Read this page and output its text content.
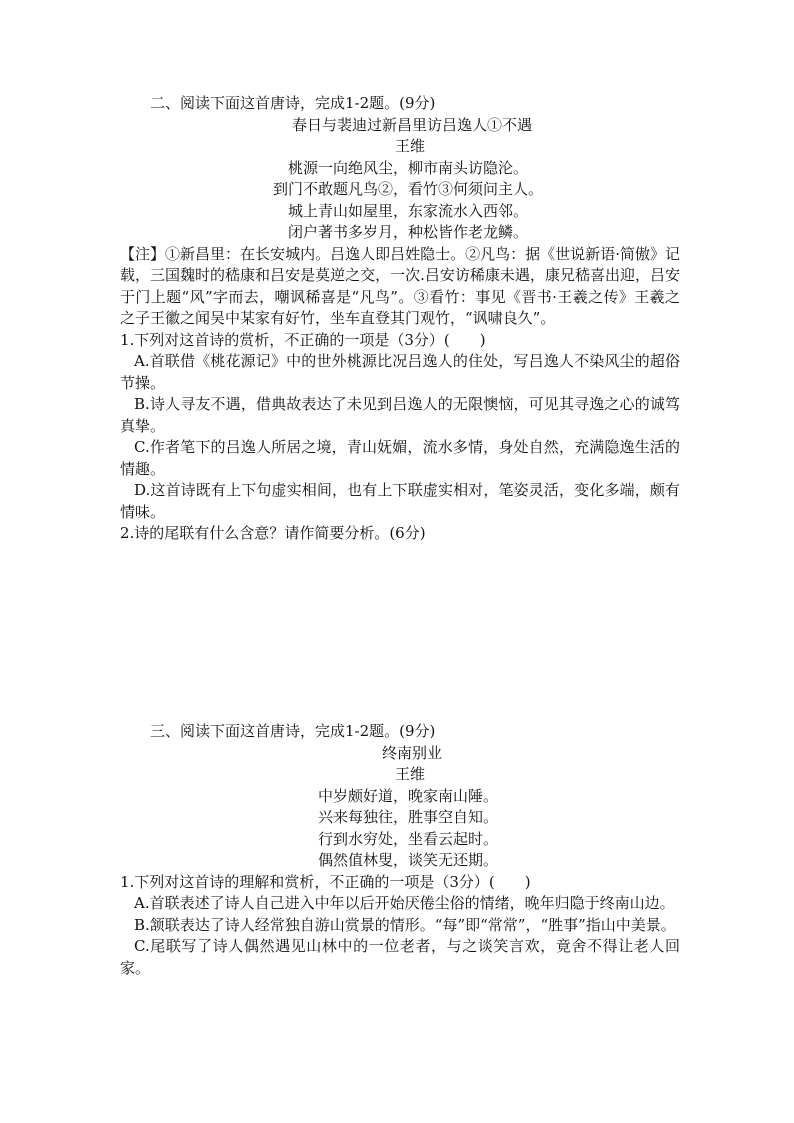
二、阅读下面这首唐诗，完成1-2题。(9分)
春日与裴迪过新昌里访吕逸人①不遇
王维
桃源一向绝风尘，柳市南头访隐沦。
到门不敢题凡鸟②，看竹③何须问主人。
城上青山如屋里，东家流水入西邻。
闭户著书多岁月，种松皆作老龙鳞。
【注】①新昌里：在长安城内。吕逸人即吕姓隐士。②凡鸟：据《世说新语·简傲》记载，三国魏时的嵇康和吕安是莫逆之交，一次.吕安访稀康未遇，康兄嵇喜出迎，吕安于门上题“风”字而去，嘲讽稀喜是“凡鸟”。③看竹：事见《晋书·王羲之传》王羲之之子王徽之闻吴中某家有好竹，坐车直登其门观竹，“讽啸良久”。
1.下列对这首诗的赏析，不正确的一项是（3分）(　　)
A.首联借《桃花源记》中的世外桃源比况吕逸人的住处，写吕逸人不染风尘的超俗节操。
B.诗人寻友不遇，借典故表达了未见到吕逸人的无限懊恼，可见其寻逸之心的诚笃真挚。
C.作者笔下的吕逸人所居之境，青山妩媚，流水多情，身处自然，充满隐逸生活的情趣。
D.这首诗既有上下句虚实相间，也有上下联虚实相对，笔姿灵活，变化多端，颇有情味。
2.诗的尾联有什么含意？请作简要分析。(6分)
三、阅读下面这首唐诗，完成1-2题。(9分)
终南别业
王维
中岁颇好道，晚家南山陲。
兴来每独往，胜事空自知。
行到水穷处，坐看云起时。
偶然值林叟，谈笑无还期。
1.下列对这首诗的理解和赏析，不正确的一项是（3分）(　　)
A.首联表述了诗人自己进入中年以后开始厌倦尘俗的情绪，晚年归隐于终南山边。
B.颔联表达了诗人经常独自游山赏景的情形。“每”即“常常”，“胜事”指山中美景。
C.尾联写了诗人偶然遇见山林中的一位老者，与之谈笑言欢，竟舍不得让老人回家。
